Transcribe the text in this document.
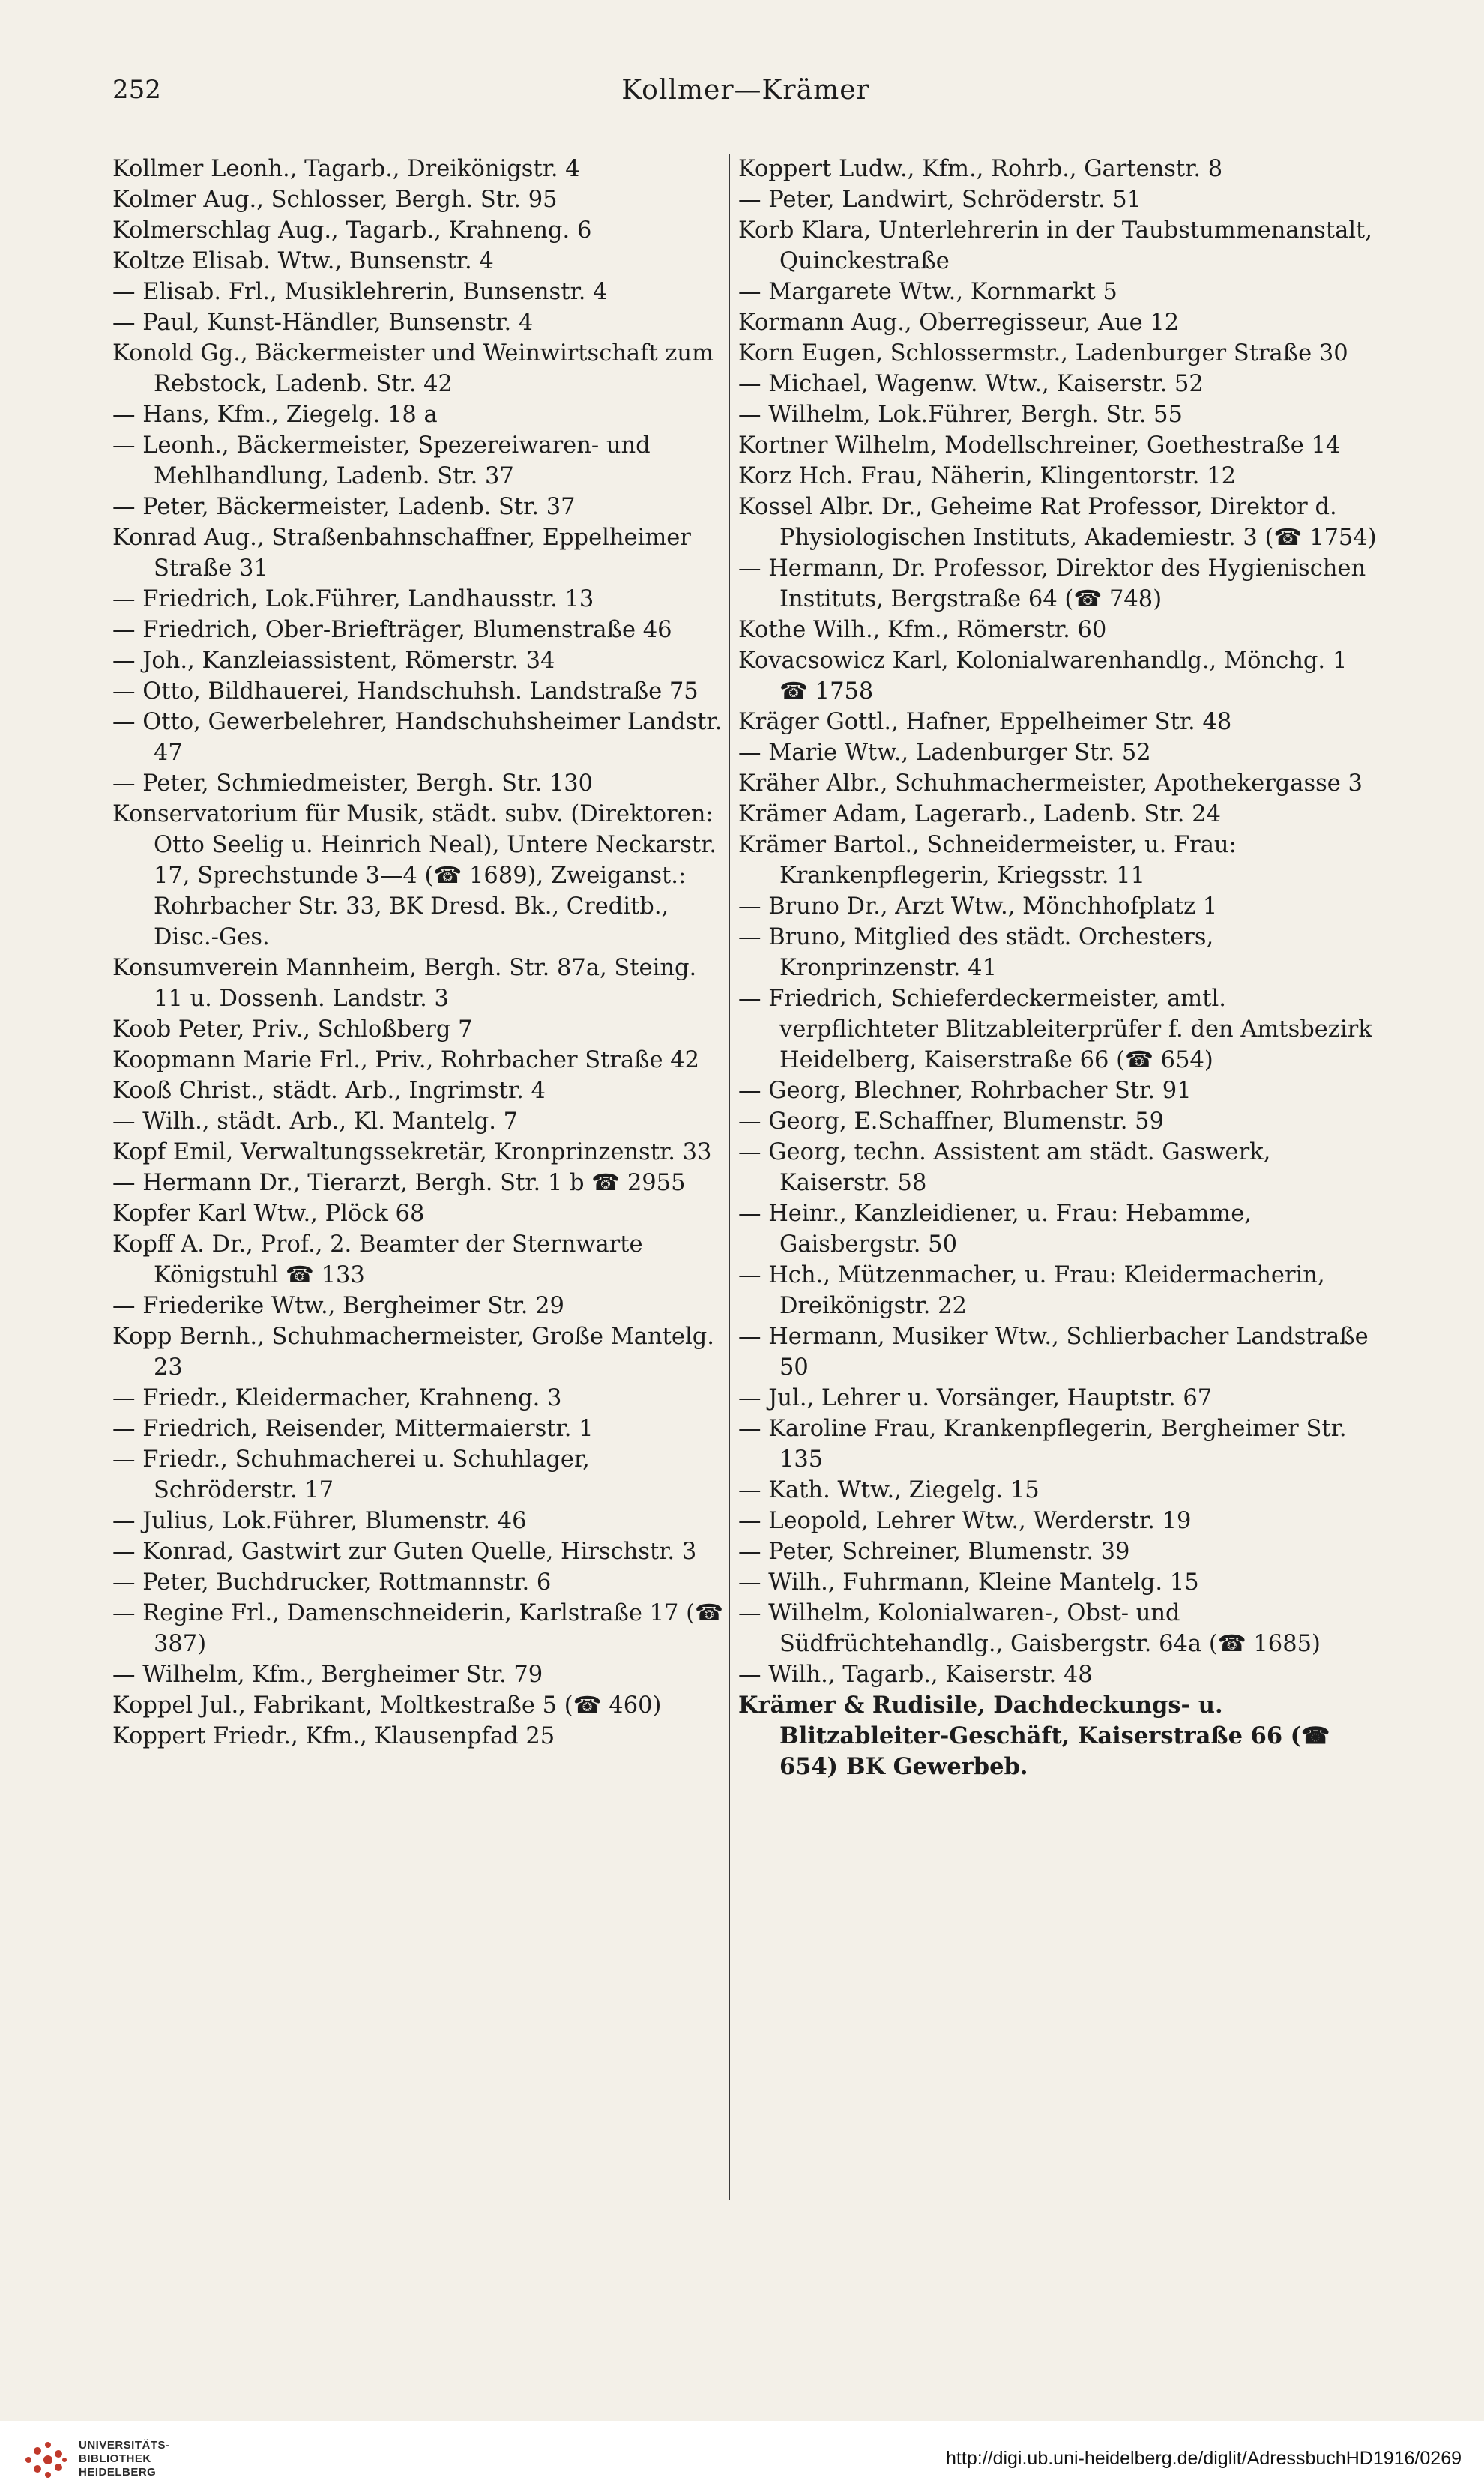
252	Kollmer—Krämer

Kollmer Leonh., Tagarb., Dreikönigstr. 4

Kolmer Aug., Schlosser, Bergh. Str. 95

Kolmerschlag Aug., Tagarb., Krahneng. 6

Koltze Elisab. Wtw., Bunsenstr. 4

— Elisab. Frl., Musiklehrerin, Bunsenstr. 4

— Paul, Kunst-Händler, Bunsenstr. 4

Konold Gg., Bäckermeister und Weinwirtschaft zum Rebstock, Ladenb. Str. 42

— Hans, Kfm., Ziegelg. 18 a

— Leonh., Bäckermeister, Spezereiwaren- und Mehlhandlung, Ladenb. Str. 37

— Peter, Bäckermeister, Ladenb. Str. 37

Konrad Aug., Straßenbahnschaffner, Eppelheimer Straße 31

— Friedrich, Lok.Führer, Landhausstr. 13

— Friedrich, Ober-Briefträger, Blumenstraße 46

— Joh., Kanzleiassistent, Römerstr. 34

— Otto, Bildhauerei, Handschuhsh. Landstraße 75

— Otto, Gewerbelehrer, Handschuhsheimer Landstr. 47

— Peter, Schmiedmeister, Bergh. Str. 130

Konservatorium für Musik, städt. subv. (Direktoren: Otto Seelig u. Heinrich Neal), Untere Neckarstr. 17, Sprechstunde 3—4 (☎ 1689), Zweiganst.: Rohrbacher Str. 33, BK Dresd. Bk., Creditb., Disc.-Ges.

Konsumverein Mannheim, Bergh. Str. 87a, Steing. 11 u. Dossenh. Landstr. 3

Koob Peter, Priv., Schloßberg 7

Koopmann Marie Frl., Priv., Rohrbacher Straße 42

Kooß Christ., städt. Arb., Ingrimstr. 4

— Wilh., städt. Arb., Kl. Mantelg. 7

Kopf Emil, Verwaltungssekretär, Kronprinzenstr. 33

— Hermann Dr., Tierarzt, Bergh. Str. 1 b ☎ 2955

Kopfer Karl Wtw., Plöck 68

Kopff A. Dr., Prof., 2. Beamter der Sternwarte Königstuhl ☎ 133

— Friederike Wtw., Bergheimer Str. 29

Kopp Bernh., Schuhmachermeister, Große Mantelg. 23

— Friedr., Kleidermacher, Krahneng. 3

— Friedrich, Reisender, Mittermaierstr. 1

— Friedr., Schuhmacherei u. Schuhlager, Schröderstr. 17

— Julius, Lok.Führer, Blumenstr. 46

— Konrad, Gastwirt zur Guten Quelle, Hirschstr. 3

— Peter, Buchdrucker, Rottmannstr. 6

— Regine Frl., Damenschneiderin, Karlstraße 17 (☎ 387)

— Wilhelm, Kfm., Bergheimer Str. 79

Koppel Jul., Fabrikant, Moltkestraße 5 (☎ 460)

Koppert Friedr., Kfm., Klausenpfad 25

Koppert Ludw., Kfm., Rohrb., Gartenstr. 8

— Peter, Landwirt, Schröderstr. 51

Korb Klara, Unterlehrerin in der Taubstummenanstalt, Quinckestraße

— Margarete Wtw., Kornmarkt 5

Kormann Aug., Oberregisseur, Aue 12

Korn Eugen, Schlossermstr., Ladenburger Straße 30

— Michael, Wagenw. Wtw., Kaiserstr. 52

— Wilhelm, Lok.Führer, Bergh. Str. 55

Kortner Wilhelm, Modellschreiner, Goethestraße 14

Korz Hch. Frau, Näherin, Klingentorstr. 12

Kossel Albr. Dr., Geheime Rat Professor, Direktor d. Physiologischen Instituts, Akademiestr. 3 (☎ 1754)

— Hermann, Dr. Professor, Direktor des Hygienischen Instituts, Bergstraße 64 (☎ 748)

Kothe Wilh., Kfm., Römerstr. 60

Kovacsowicz Karl, Kolonialwarenhandlg., Mönchg. 1 ☎ 1758

Kräger Gottl., Hafner, Eppelheimer Str. 48

— Marie Wtw., Ladenburger Str. 52

Kräher Albr., Schuhmachermeister, Apothekergasse 3

Krämer Adam, Lagerarb., Ladenb. Str. 24

Krämer Bartol., Schneidermeister, u. Frau: Krankenpflegerin, Kriegsstr. 11

— Bruno Dr., Arzt Wtw., Mönchhofplatz 1

— Bruno, Mitglied des städt. Orchesters, Kronprinzenstr. 41

— Friedrich, Schieferdeckermeister, amtl. verpflichteter Blitzableiterprüfer f. den Amtsbezirk Heidelberg, Kaiserstraße 66 (☎ 654)

— Georg, Blechner, Rohrbacher Str. 91

— Georg, E.Schaffner, Blumenstr. 59

— Georg, techn. Assistent am städt. Gaswerk, Kaiserstr. 58

— Heinr., Kanzleidiener, u. Frau: Hebamme, Gaisbergstr. 50

— Hch., Mützenmacher, u. Frau: Kleidermacherin, Dreikönigstr. 22

— Hermann, Musiker Wtw., Schlierbacher Landstraße 50

— Jul., Lehrer u. Vorsänger, Hauptstr. 67

— Karoline Frau, Krankenpflegerin, Bergheimer Str. 135

— Kath. Wtw., Ziegelg. 15

— Leopold, Lehrer Wtw., Werderstr. 19

— Peter, Schreiner, Blumenstr. 39

— Wilh., Fuhrmann, Kleine Mantelg. 15

— Wilhelm, Kolonialwaren-, Obst- und Südfrüchtehandlg., Gaisbergstr. 64a (☎ 1685)

— Wilh., Tagarb., Kaiserstr. 48

Krämer & Rudisile, Dachdeckungs- u. Blitzableiter-Geschäft, Kaiserstraße 66 (☎ 654) BK Gewerbeb.

UNIVERSITÄTS-
BIBLIOTHEK
HEIDELBERG
http://digi.ub.uni-heidelberg.de/diglit/AdressbuchHD1916/0269
